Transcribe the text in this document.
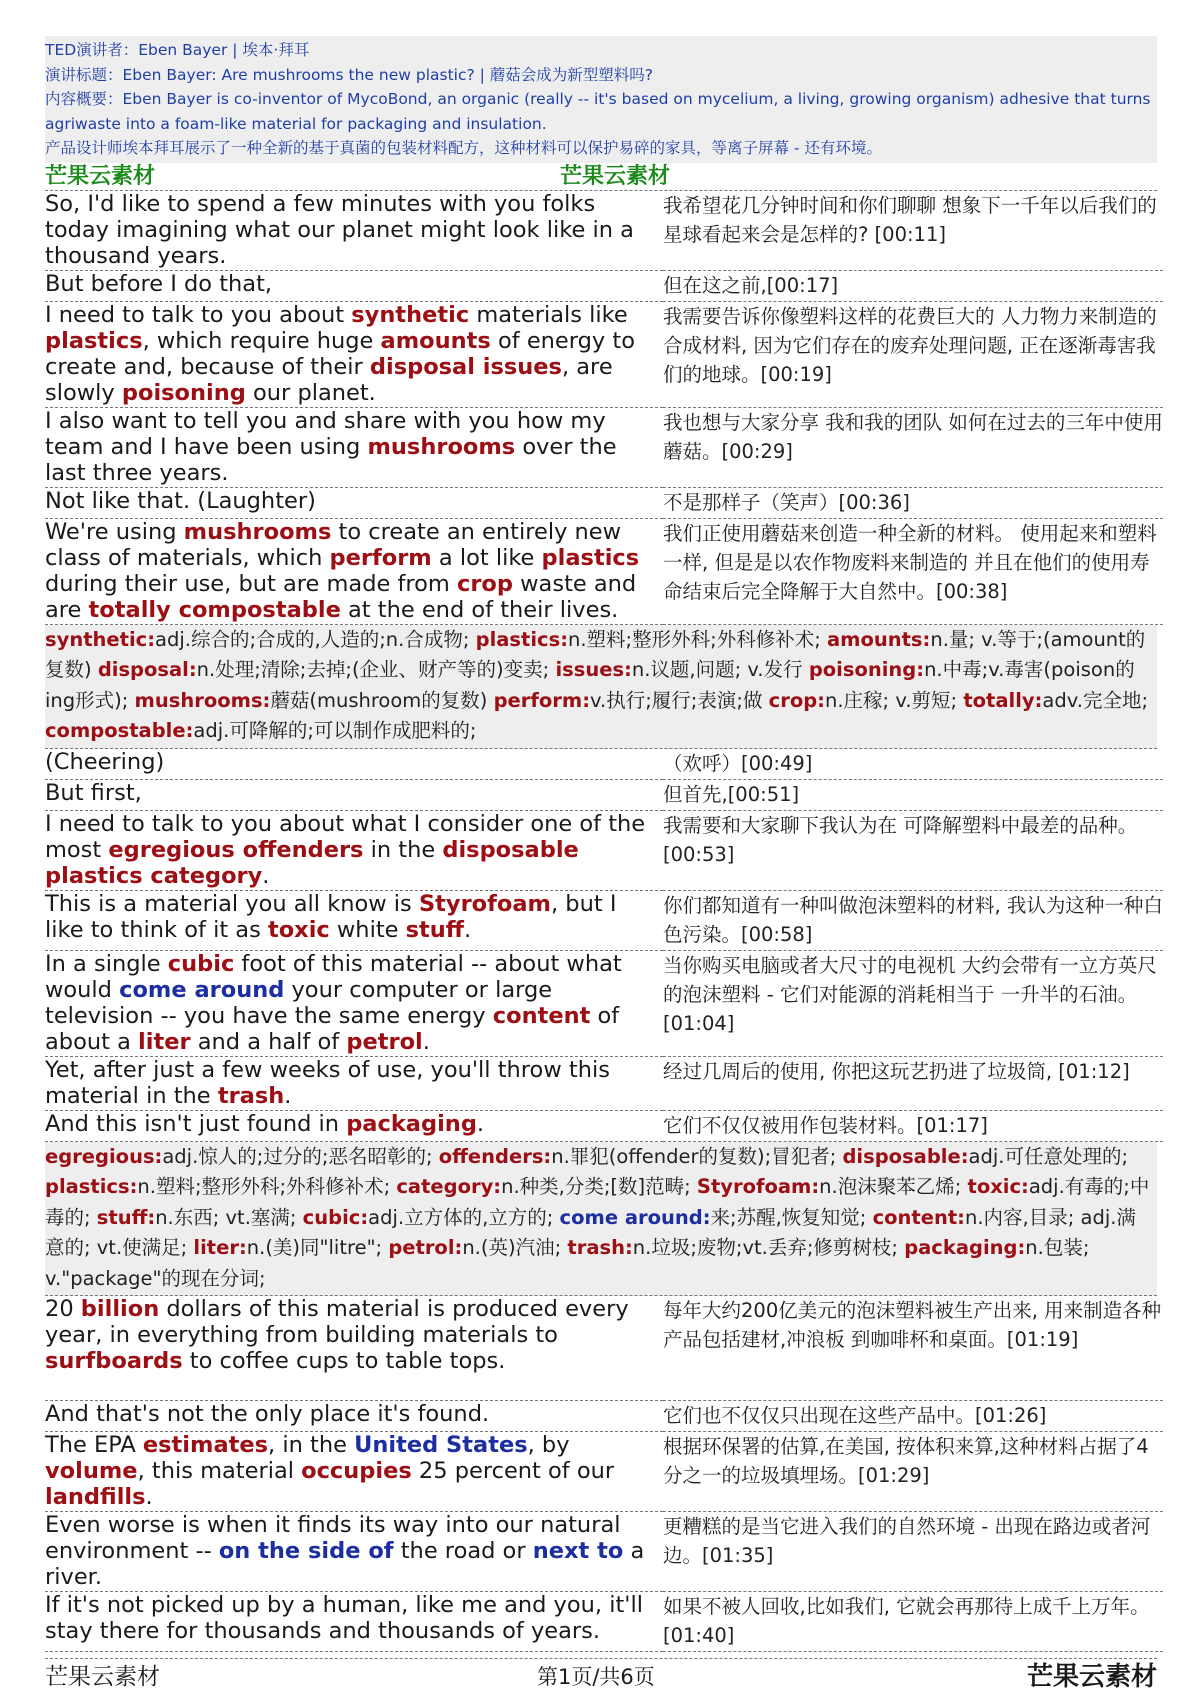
TED演讲者：Eben Bayer | 埃本·拜耳
演讲标题：Eben Bayer: Are mushrooms the new plastic? | 蘑菇会成为新型塑料吗?
内容概要：Eben Bayer is co-inventor of MycoBond, an organic (really -- it's based on mycelium, a living, growing organism) adhesive that turns agriwaste into a foam-like material for packaging and insulation.
产品设计师埃本拜耳展示了一种全新的基于真菌的包装材料配方，这种材料可以保护易碎的家具，等离子屏幕 - 还有环境。
芒果云素材	芒果云素材
So, I'd like to spend a few minutes with you folks today imagining what our planet might look like in a thousand years.	我希望花几分钟时间和你们聊聊 想象下一千年以后我们的星球看起来会是怎样的? [00:11]
But before I do that,	但在这之前,[00:17]
I need to talk to you about synthetic materials like plastics, which require huge amounts of energy to create and, because of their disposal issues, are slowly poisoning our planet.	我需要告诉你像塑料这样的花费巨大的 人力物力来制造的合成材料, 因为它们存在的废弃处理问题, 正在逐渐毒害我们的地球。[00:19]
I also want to tell you and share with you how my team and I have been using mushrooms over the last three years.	我也想与大家分享 我和我的团队 如何在过去的三年中使用蘑菇。[00:29]
Not like that. (Laughter)	不是那样子（笑声）[00:36]
We're using mushrooms to create an entirely new class of materials, which perform a lot like plastics during their use, but are made from crop waste and are totally compostable at the end of their lives.	我们正使用蘑菇来创造一种全新的材料。 使用起来和塑料一样, 但是是以农作物废料来制造的 并且在他们的使用寿命结束后完全降解于大自然中。[00:38]
synthetic:adj.综合的;合成的,人造的;n.合成物; plastics:n.塑料;整形外科;外科修补术; amounts:n.量; v.等于;(amount的复数) disposal:n.处理;清除;去掉;(企业、财产等的)变卖; issues:n.议题,问题; v.发行 poisoning:n.中毒;v.毒害(poison的ing形式); mushrooms:蘑菇(mushroom的复数) perform:v.执行;履行;表演;做 crop:n.庄稼; v.剪短; totally:adv.完全地; compostable:adj.可降解的;可以制作成肥料的;
(Cheering)	（欢呼）[00:49]
But first,	但首先,[00:51]
I need to talk to you about what I consider one of the most egregious offenders in the disposable plastics category.	我需要和大家聊下我认为在 可降解塑料中最差的品种。[00:53]
This is a material you all know is Styrofoam, but I like to think of it as toxic white stuff.	你们都知道有一种叫做泡沫塑料的材料, 我认为这种一种白色污染。[00:58]
In a single cubic foot of this material -- about what would come around your computer or large television -- you have the same energy content of about a liter and a half of petrol.	当你购买电脑或者大尺寸的电视机 大约会带有一立方英尺的泡沫塑料 - 它们对能源的消耗相当于 一升半的石油。[01:04]
Yet, after just a few weeks of use, you'll throw this material in the trash.	经过几周后的使用, 你把这玩艺扔进了垃圾筒, [01:12]
And this isn't just found in packaging.	它们不仅仅被用作包装材料。[01:17]
egregious:adj.惊人的;过分的;恶名昭彰的; offenders:n.罪犯(offender的复数);冒犯者; disposable:adj.可任意处理的; plastics:n.塑料;整形外科;外科修补术; category:n.种类,分类;[数]范畴; Styrofoam:n.泡沫聚苯乙烯; toxic:adj.有毒的;中毒的; stuff:n.东西; vt.塞满; cubic:adj.立方体的,立方的; come around:来;苏醒,恢复知觉; content:n.内容,目录; adj.满意的; vt.使满足; liter:n.(美)同"litre"; petrol:n.(英)汽油; trash:n.垃圾;废物;vt.丢弃;修剪树枝; packaging:n.包装; v."package"的现在分词;
20 billion dollars of this material is produced every year, in everything from building materials to surfboards to coffee cups to table tops.	每年大约200亿美元的泡沫塑料被生产出来, 用来制造各种产品包括建材,冲浪板 到咖啡杯和桌面。[01:19]
And that's not the only place it's found.	它们也不仅仅只出现在这些产品中。[01:26]
The EPA estimates, in the United States, by volume, this material occupies 25 percent of our landfills.	根据环保署的估算,在美国, 按体积来算,这种材料占据了4分之一的垃圾填埋场。[01:29]
Even worse is when it finds its way into our natural environment -- on the side of the road or next to a river.	更糟糕的是当它进入我们的自然环境 - 出现在路边或者河边。[01:35]
If it's not picked up by a human, like me and you, it'll stay there for thousands and thousands of years.	如果不被人回收,比如我们, 它就会再那待上成千上万年。[01:40]
芒果云素材	第1页/共6页	芒果云素材
